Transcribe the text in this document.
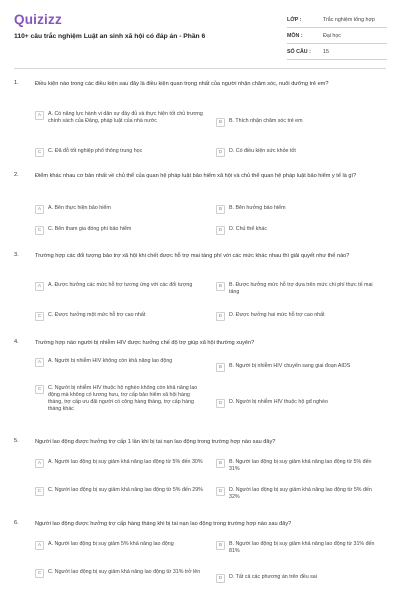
Quizizz
110+ câu trắc nghiệm Luật an sinh xã hội có đáp án - Phần 6
LỚP :	Trắc nghiệm tổng hợp
MÔN :	Đại học
SỐ CÂU :	15
1.	Điều kiện nào trong các điều kiện sau đây là điều kiện quan trọng nhất của người nhận chăm sóc, nuôi dưỡng trẻ em?
A	A. Có năng lực hành vi dân sự đầy đủ và thực hiện tốt chủ trương chính sách của Đảng, pháp luật của nhà nước	B	B. Thích nhận chăm sóc trẻ em
C	C. Đã đỗ tốt nghiệp phổ thông trung học	D	D. Có điều kiện sức khỏe tốt
2.	Điểm khác nhau cơ bản nhất về chủ thể của quan hệ pháp luật bảo hiểm xã hội và chủ thể quan hệ pháp luật bảo hiểm y tế là gì?
A	A. Bên thực hiện bảo hiểm	B	B. Bên hưởng bảo hiểm
C	C. Bên tham gia đóng phí bảo hiểm	D	D. Chủ thể khác
3.	Trường hợp các đối tượng bảo trợ xã hội khi chết được hỗ trợ mai táng phí với các mức khác nhau thì giải quyết như thế nào?
A	A. Được hưởng các mức hỗ trợ tương ứng với các đối tượng	B	B. Được hưởng mức hỗ trợ dựa trên mức chi phí thực tế mai táng
C	C. Được hưởng một mức hỗ trợ cao nhất	D	D. Được hưởng hai mức hỗ trợ cao nhất
4.	Trường hợp nào người bị nhiễm HIV được hưởng chế độ trợ giúp xã hội thường xuyên?
A	A. Người bị nhiễm HIV không còn khả năng lao động
B	B. Người bị nhiễm HIV chuyển sang giai đoạn AIDS
C	C. Người bị nhiễm HIV thuộc hộ nghèo không còn khả năng lao động mà không có lương hưu, trợ cấp bảo hiểm xã hội hàng tháng, trợ cấp ưu đãi người có công hàng tháng, trợ cấp hàng tháng khác
D	D. Người bị nhiễm HIV thuộc hộ gđ nghèo
5.	Người lao động được hưởng trợ cấp 1 lần khi bị tai nạn lao động trong trường hợp nào sau đây?
A	A. Người lao động bị suy giảm khả năng lao động từ 5% đến 30%	B	B. Người lao động bị suy giảm khả năng lao động từ 5% đến 31%
C	C. Người lao động bị suy giảm khả năng lao động từ 5% đến 29%	D	D. Người lao động bị suy giảm khả năng lao động từ 5% đến 32%
6.	Người lao động được hưởng trợ cấp hàng tháng khi bị tai nạn lao động trong trường hợp nào sau đây?
A	A. Người lao động bị suy giảm 5% khả năng lao động	B	B. Người lao động bị suy giảm khả năng lao động từ 31% đến 81%
C	C. Người lao động bị suy giảm khả năng lao động từ 31% trở lên
D	D. Tất cả các phương án trên đều sai
